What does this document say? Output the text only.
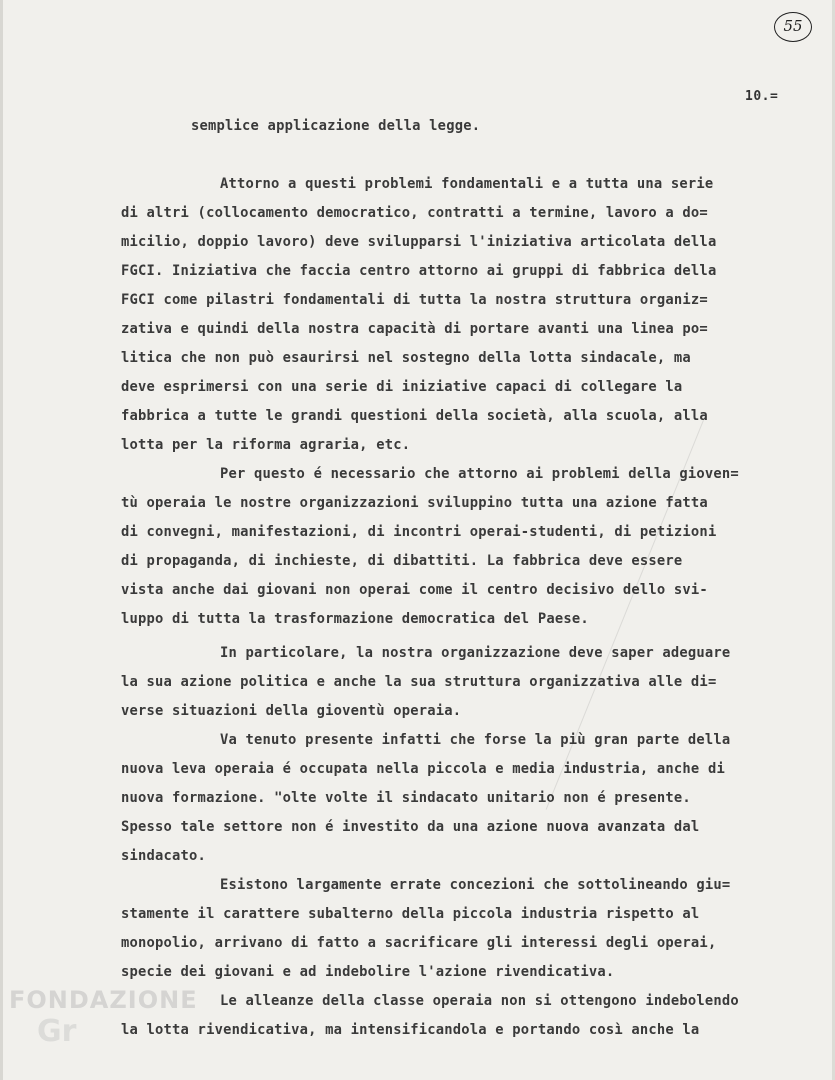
55
10.=
semplice applicazione della legge.
Attorno a questi problemi fondamentali e a tutta una serie
di altri (collocamento democratico, contratti a termine, lavoro a do=
micilio, doppio lavoro) deve svilupparsi l'iniziativa articolata della
FGCI. Iniziativa che faccia centro attorno ai gruppi di fabbrica della
FGCI come pilastri fondamentali di tutta la nostra struttura organiz=
zativa e quindi della nostra capacità di portare avanti una linea po=
litica che non può esaurirsi nel sostegno della lotta sindacale, ma
deve esprimersi con una serie di iniziative capaci di collegare la
fabbrica a tutte le grandi questioni della società, alla scuola, alla
lotta per la riforma agraria, etc.
Per questo é necessario che attorno ai problemi della gioven=
tù operaia le nostre organizzazioni sviluppino tutta una azione fatta
di convegni, manifestazioni, di incontri operai-studenti, di petizioni
di propaganda, di inchieste, di dibattiti. La fabbrica deve essere
vista anche dai giovani non operai come il centro decisivo dello svi-
luppo di tutta la trasformazione democratica del Paese.
In particolare, la nostra organizzazione deve saper adeguare
la sua azione politica e anche la sua struttura organizzativa alle di=
verse situazioni della gioventù operaia.
Va tenuto presente infatti che forse la più gran parte della
nuova leva operaia é occupata nella piccola e media industria, anche di
nuova formazione. "olte volte il sindacato unitario non é presente.
Spesso tale settore non é investito da una azione nuova avanzata dal
sindacato.
Esistono largamente errate concezioni che sottolineando giu=
stamente il carattere subalterno della piccola industria rispetto al
monopolio, arrivano di fatto a sacrificare gli interessi degli operai,
specie dei giovani e ad indebolire l'azione rivendicativa.
Le alleanze della classe operaia non si ottengono indebolendo
la lotta rivendicativa, ma intensificandola e portando così anche la
FONDAZIONE
Gr
